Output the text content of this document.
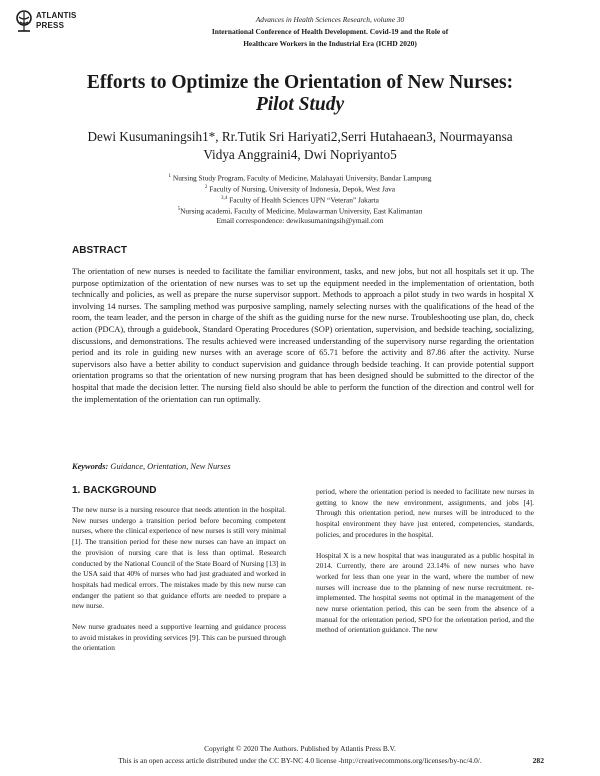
ATLANTIS
PRESS
Advances in Health Sciences Research, volume 30
International Conference of Health Development. Covid-19 and the Role of
Healthcare Workers in the Industrial Era (ICHD 2020)
Efforts to Optimize the Orientation of New Nurses:
Pilot Study
Dewi Kusumaningsih1*, Rr.Tutik Sri Hariyati2,Serri Hutahaean3, Nourmayansa
Vidya Anggraini4, Dwi Nopriyanto5
$^1$ Nursing Study Program, Faculty of Medicine, Malahayati University, Bandar Lampung
$^2$ Faculty of Nursing, University of Indonesia, Depok, West Java
$^{3,4}$ Faculty of Health Sciences UPN “Veteran” Jakarta
$^5$Nursing academi, Faculty of Medicine, Mulawarman University, East Kalimantan
Email correspondence: dewikusumaningsih@ymail.com
ABSTRACT
The orientation of new nurses is needed to facilitate the familiar environment, tasks, and new jobs, but not all hospitals set it up. The purpose optimization of the orientation of new nurses was to set up the equipment needed in the implementation of orientation, both technically and policies, as well as prepare the nurse supervisor support. Methods to approach a pilot study in two wards in hospital X involving 14 nurses. The sampling method was purposive sampling, namely selecting nurses with the qualifications of the head of the room, the team leader, and the person in charge of the shift as the guiding nurse for the new nurse. Troubleshooting use plan, do, check action (PDCA), through a guidebook, Standard Operating Procedures (SOP) orientation, supervision, and bedside teaching, socializing, discussions, and demonstrations. The results achieved were increased understanding of the supervisory nurse regarding the orientation period and its role in guiding new nurses with an average score of 65.71 before the activity and 87.86 after the activity. Nurse supervisors also have a better ability to conduct supervision and guidance through bedside teaching. It can provide potential support orientation programs so that the orientation of new nursing program that has been designed should be submitted to the director of the hospital that made the decision letter. The nursing field also should be able to perform the function of the direction and control well for the implementation of the orientation can run optimally.
Keywords: Guidance, Orientation, New Nurses
1. BACKGROUND

The new nurse is a nursing resource that needs attention in the hospital. New nurses undergo a transition period before becoming competent nurses, where the clinical experience of new nurses is still very minimal [1]. The transition period for these new nurses can have an impact on the provision of nursing care that is less than optimal. Research conducted by the National Council of the State Board of Nursing [13] in the USA said that 40% of nurses who had just graduated and worked in hospitals had medical errors. The mistakes made by this new nurse can endanger the patient so that guidance efforts are needed to prepare a new nurse.

New nurse graduates need a supportive learning and guidance process to avoid mistakes in providing services [9]. This can be pursued through the orientation

period, where the orientation period is needed to facilitate new nurses in getting to know the new environment, assignments, and jobs [4]. Through this orientation period, new nurses will be introduced to the hospital environment they have just entered, competencies, standards, policies, and procedures in the hospital.

Hospital X is a new hospital that was inaugurated as a public hospital in 2014. Currently, there are around 23.14% of new nurses who have worked for less than one year in the ward, where the number of new nurses will increase due to the planning of new nurse recruitment. re-implemented. The hospital seems not optimal in the management of the new nurse orientation period, this can be seen from the absence of a manual for the orientation period, SPO for the orientation period, and the method of orientation guidance. The new

Copyright © 2020 The Authors. Published by Atlantis Press B.V.
This is an open access article distributed under the CC BY-NC 4.0 license -http://creativecommons.org/licenses/by-nc/4.0/.	282
